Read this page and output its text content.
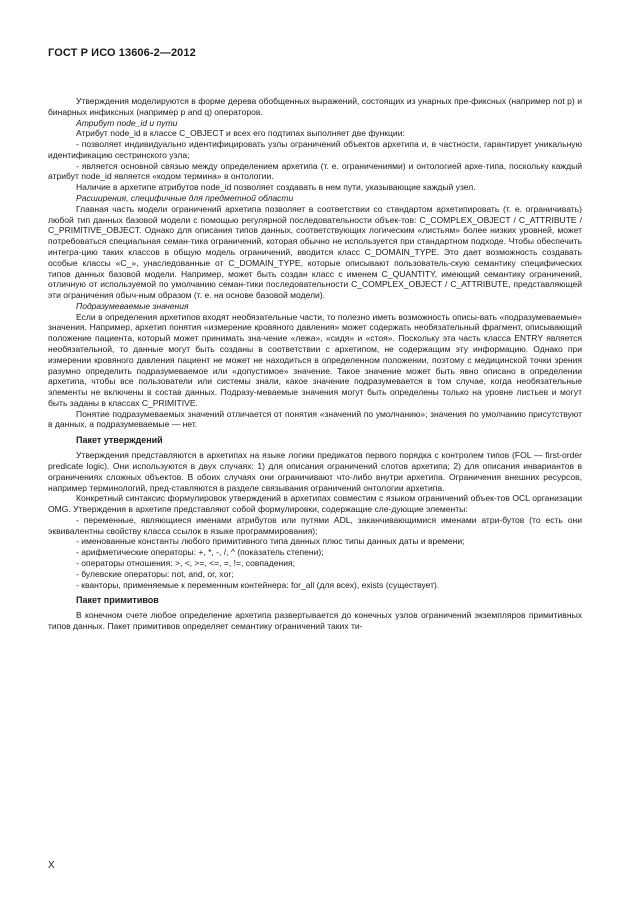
ГОСТ Р ИСО 13606-2—2012

Утверждения моделируются в форме дерева обобщенных выражений, состоящих из унарных пре-фиксных (например not p) и бинарных инфиксных (например p and q) операторов.

Атрибут node_id и пути

Атрибут node_id в классе C_OBJECT и всех его подтипах выполняет две функции:

- позволяет индивидуально идентифицировать узлы ограничений объектов архетипа и, в частности, гарантирует уникальную идентификацию сестринского узла;

- является основной связью между определением архетипа (т. е. ограничениями) и онтологией архе-типа, поскольку каждый атрибут node_id является «кодом термина» в онтологии.

Наличие в архетипе атрибутов node_id позволяет создавать в нем пути, указывающие каждый узел.

Расширения, специфичные для предметной области

Главная часть модели ограничений архетипа позволяет в соответствии со стандартом архетипировать (т. е. ограничивать) любой тип данных базовой модели с помощью регулярной последовательности объек-тов: C_COMPLEX_OBJECT / C_ATTRIBUTE / C_PRIMITIVE_OBJECT. Однако для описания типов данных, соответствующих логическим «листьям» более низких уровней, может потребоваться специальная семан-тика ограничений, которая обычно не используется при стандартном подходе. Чтобы обеспечить интегра-цию таких классов в общую модель ограничений, вводится класс C_DOMAIN_TYPE. Это дает возможность создавать особые классы «C_», унаследованные от C_DOMAIN_TYPE, которые описывают пользователь-скую семантику специфических типов данных базовой модели. Например, может быть создан класс с именем C_QUANTITY, имеющий семантику ограничений, отличную от используемой по умолчанию семан-тики последовательности C_COMPLEX_OBJECT / C_ATTRIBUTE, представляющей эти ограничения обыч-ным образом (т. е. на основе базовой модели).

Подразумеваемые значения

Если в определения архетипов входят необязательные части, то полезно иметь возможность описы-вать «подразумеваемые» значения. Например, архетип понятия «измерение кровяного давления» может содержать необязательный фрагмент, описывающий положение пациента, который может принимать зна-чение «лежа», «сидя» и «стоя». Поскольку эта часть класса ENTRY является необязательной, то данные могут быть созданы в соответствии с архетипом, не содержащим эту информацию. Однако при измерении кровяного давления пациент не может не находиться в определенном положении, поэтому с медицинской точки зрения разумно определить подразумеваемое или «допустимое» значение. Такое значение может быть явно описано в определении архетипа, чтобы все пользователи или системы знали, какое значение подразумевается в том случае, когда необязательные элементы не включены в состав данных. Подразу-меваемые значения могут быть определены только на уровне листьев и могут быть заданы в классах C_PRIMITIVE.

Понятие подразумеваемых значений отличается от понятия «значений по умолчанию»; значения по умолчанию присутствуют в данных, а подразумеваемые — нет.

Пакет утверждений

Утверждения представляются в архетипах на языке логики предикатов первого порядка с контролем типов (FOL — first-order predicate logic). Они используются в двух случаях: 1) для описания ограничений слотов архетипа; 2) для описания инвариантов в ограничениях сложных объектов. В обоих случаях они ограничивают что-либо внутри архетипа. Ограничения внешних ресурсов, например терминологий, пред-ставляются в разделе связывания ограничений онтологии архетипа.

Конкретный синтаксис формулировок утверждений в архетипах совместим с языком ограничений объек-тов OCL организации OMG. Утверждения в архетипе представляют собой формулировки, содержащие сле-дующие элементы:

- переменные, являющиеся именами атрибутов или путями ADL, заканчивающимися именами атри-бутов (то есть они эквивалентны свойству класса ссылок в языке программирования);

- именованные константы любого примитивного типа данных плюс типы данных даты и времени;

- арифметические операторы: +, *, -, /, ^ (показатель степени);

- операторы отношения: >, <, >=, <=, =, !=, совпадения;

- булевские операторы: not, and, or, xor;

- кванторы, применяемые к переменным контейнера: for_all (для всех), exists (существует).

Пакет примитивов

В конечном счете любое определение архетипа развертывается до конечных узлов ограничений экземпляров примитивных типов данных. Пакет примитивов определяет семантику ограничений таких ти-

X
